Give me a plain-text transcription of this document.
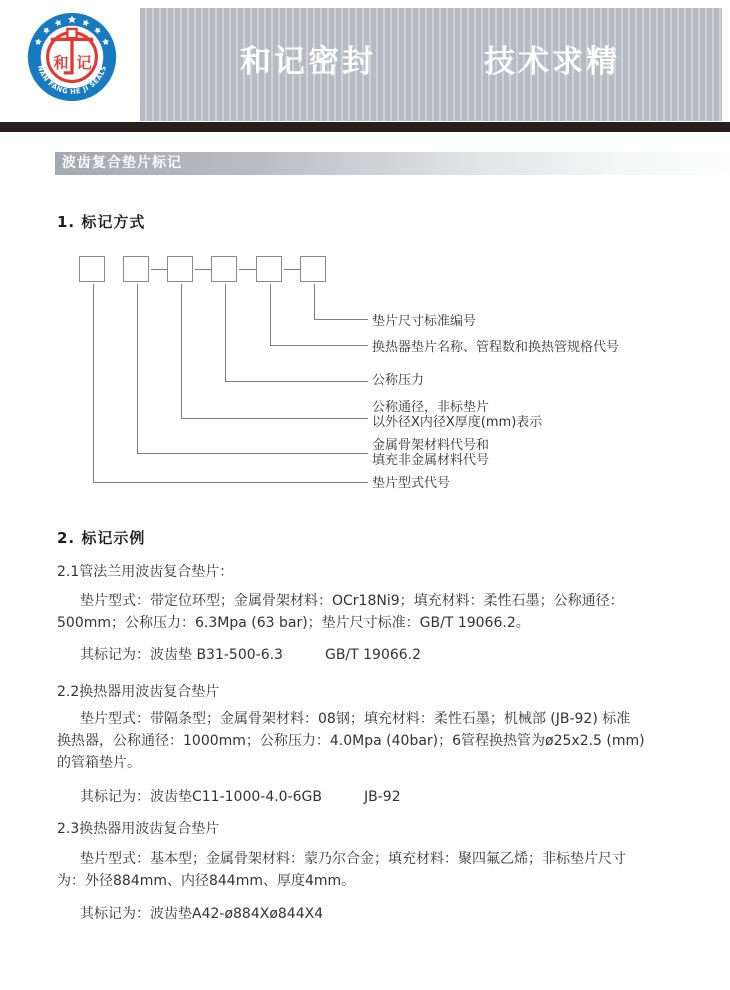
NAN FANG HE JI SEALS
和 记	和记密封	技术求精
波齿复合垫片标记
1. 标记方式
垫片尺寸标准编号
换热器垫片名称、管程数和换热管规格代号
公称压力
公称通径，非标垫片
以外径X内径X厚度(mm)表示
金属骨架材料代号和
填充非金属材料代号
垫片型式代号
2. 标记示例
2.1管法兰用波齿复合垫片：
垫片型式：带定位环型；金属骨架材料：OCr18Ni9；填充材料：柔性石墨；公称通径：
500mm；公称压力：6.3Mpa (63 bar)；垫片尺寸标准：GB/T 19066.2。
其标记为：波齿垫 B31-500-6.3	GB/T 19066.2
2.2换热器用波齿复合垫片
垫片型式：带隔条型；金属骨架材料：08钢；填充材料：柔性石墨；机械部 (JB-92) 标准
换热器，公称通径：1000mm；公称压力：4.0Mpa (40bar)；6管程换热管为ø25x2.5 (mm)
的管箱垫片。
其标记为：波齿垫C11-1000-4.0-6GB	JB-92
2.3换热器用波齿复合垫片
垫片型式：基本型；金属骨架材料：蒙乃尔合金；填充材料：聚四氟乙烯；非标垫片尺寸
为：外径884mm、内径844mm、厚度4mm。
其标记为：波齿垫A42-ø884Xø844X4
